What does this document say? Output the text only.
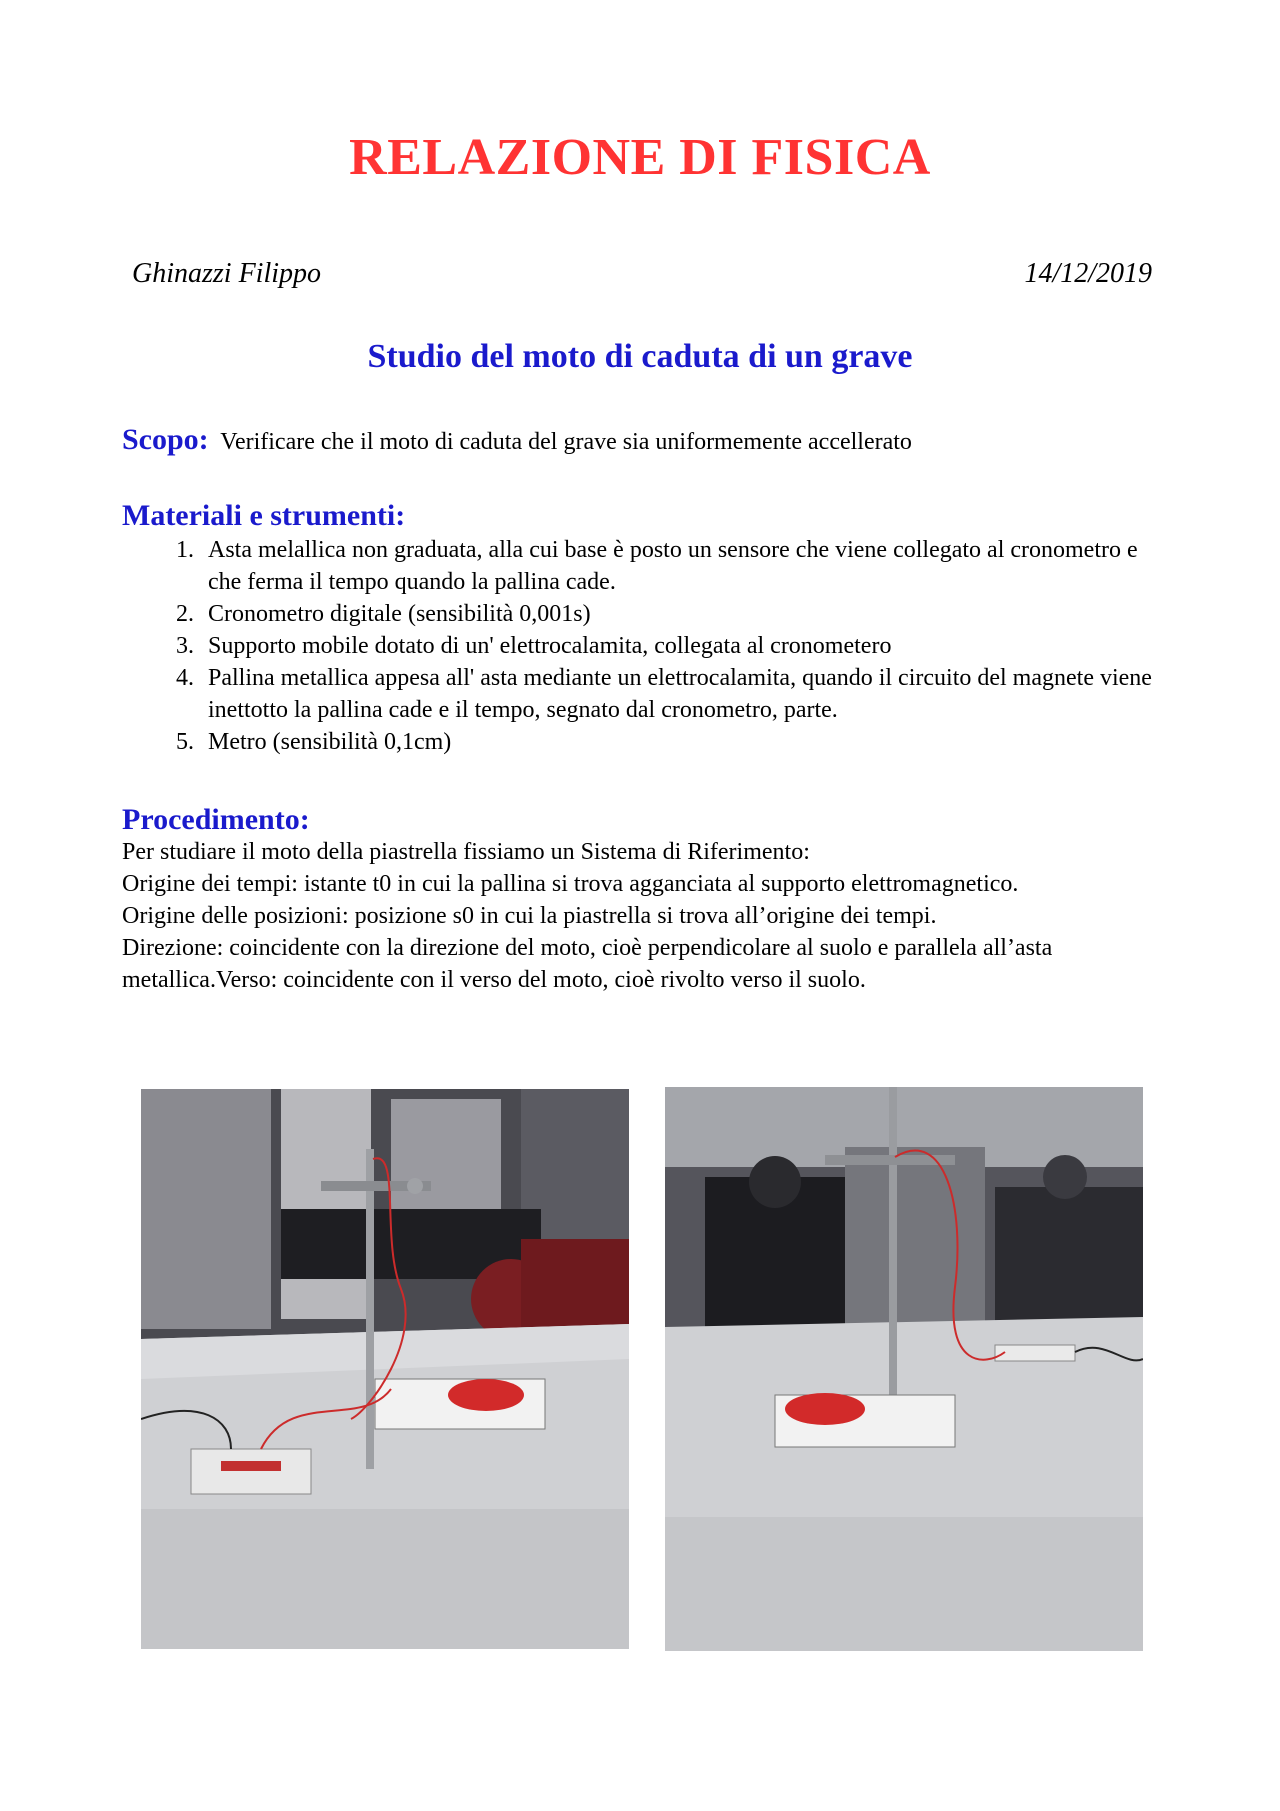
RELAZIONE DI FISICA
Ghinazzi Filippo	14/12/2019
Studio del moto di caduta di un grave
Scopo: Verificare che il moto di caduta del grave sia uniformemente accellerato
Materiali e strumenti:
1. Asta melallica non graduata, alla cui base è posto un sensore che viene collegato al cronometro e che ferma il tempo quando la pallina cade.
2. Cronometro digitale (sensibilità 0,001s)
3. Supporto mobile dotato di un' elettrocalamita, collegata al cronometero
4. Pallina metallica appesa all' asta mediante un elettrocalamita, quando il circuito del magnete viene inettotto la pallina cade e il tempo, segnato dal cronometro, parte.
5. Metro (sensibilità 0,1cm)
Procedimento:

Per studiare il moto della piastrella fissiamo un Sistema di Riferimento:

Origine dei tempi: istante t0 in cui la pallina si trova agganciata al supporto elettromagnetico.

Origine delle posizioni: posizione s0 in cui la piastrella si trova all’origine dei tempi.

Direzione: coincidente con la direzione del moto, cioè perpendicolare al suolo e parallela all’asta metallica.Verso: coincidente con il verso del moto, cioè rivolto verso il suolo.
